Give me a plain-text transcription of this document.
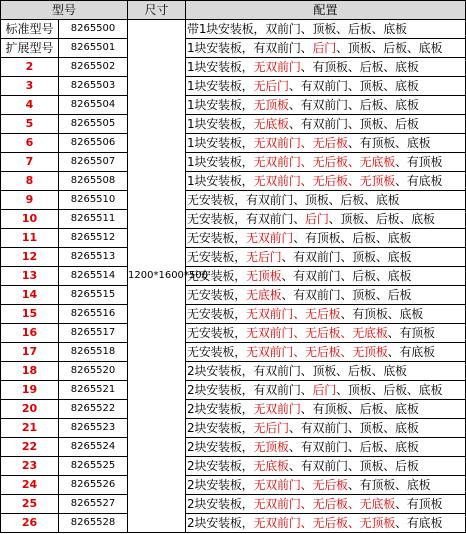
型号		尺寸	配置
标准型号	8265500	1200*1600*500	带1块安装板，双前门、顶板、后板、底板
扩展型号	8265501		1块安装板，有双前门、后门、顶板、后板、底板
2	8265502		1块安装板，无双前门、有顶板、后板、底板
3	8265503		1块安装板，无后门、有双前门、顶板、底板
4	8265504		1块安装板，无顶板、有双前门、后板、底板
5	8265505		1块安装板，无底板、有双前门、顶板、后板
6	8265506		1块安装板，无双前门、无后板、有顶板、底板
7	8265507		1块安装板，无双前门、无后板、无底板、有顶板
8	8265508		1块安装板，无双前门、无后板、无顶板、有底板
9	8265510		无安装板，有双前门、顶板、后板、底板
10	8265511		无安装板，有双前门、后门、顶板、后板、底板
11	8265512		无安装板，无双前门、有顶板、后板、底板
12	8265513		无安装板，无后门、有双前门、顶板、底板
13	8265514		无安装板，无顶板、有双前门、后板、底板
14	8265515		无安装板，无底板、有双前门、顶板、后板
15	8265516		无安装板，无双前门、无后板、有顶板、底板
16	8265517		无安装板，无双前门、无后板、无底板、有顶板
17	8265518		无安装板，无双前门、无后板、无顶板、有底板
18	8265520		2块安装板，有双前门、顶板、后板、底板
19	8265521		2块安装板，有双前门、后门、顶板、后板、底板
20	8265522		2块安装板，无双前门、有顶板、后板、底板
21	8265523		2块安装板，无后门、有双前门、顶板、底板
22	8265524		2块安装板，无顶板、有双前门、后板、底板
23	8265525		2块安装板，无底板、有双前门、顶板、后板
24	8265526		2块安装板，无双前门、无后板、有顶板、底板
25	8265527		2块安装板，无双前门、无后板、无底板、有顶板
26	8265528		2块安装板，无双前门、无后板、无顶板、有底板
